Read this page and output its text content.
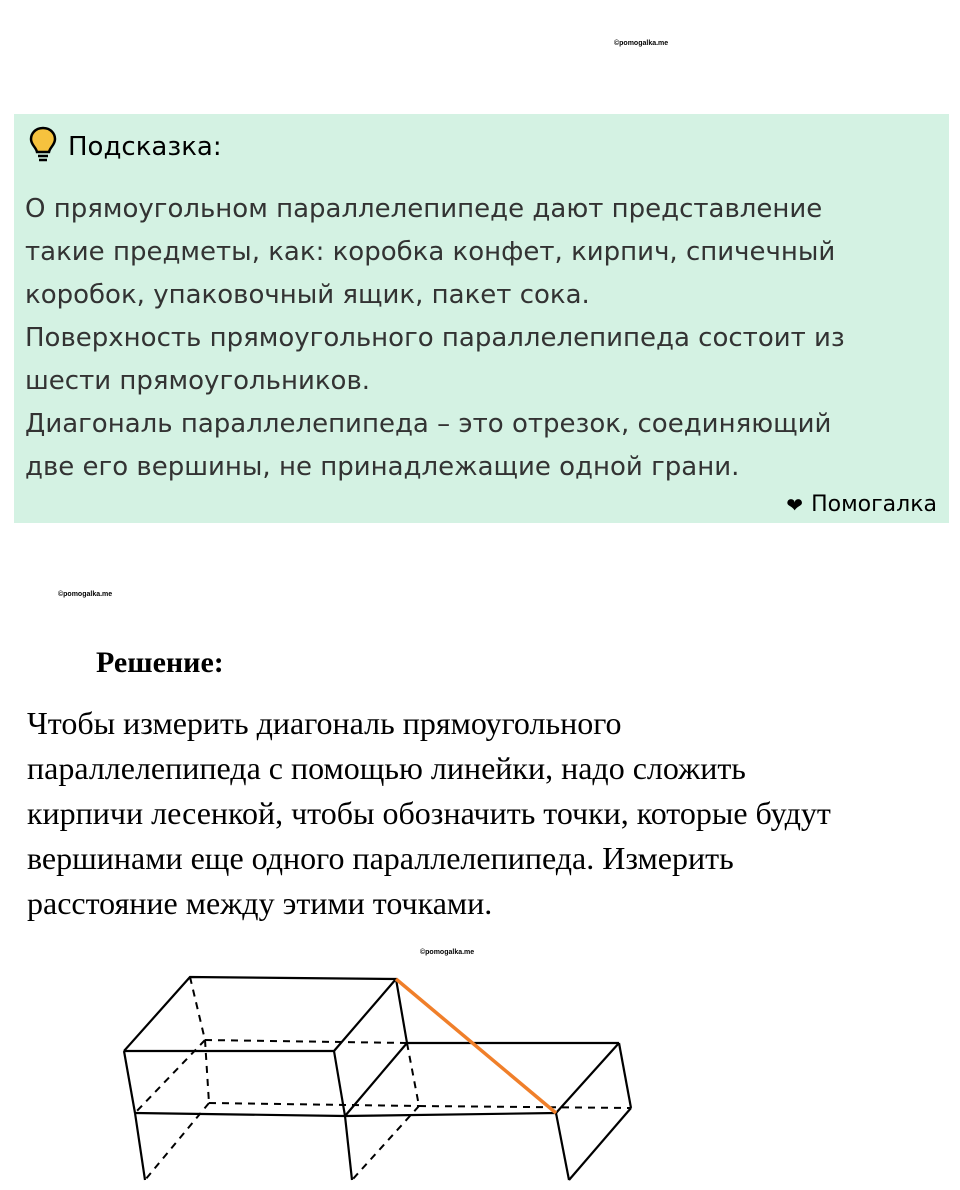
©pomogalka.me
Подсказка:

О прямоугольном параллелепипеде дают представление
такие предметы, как: коробка конфет, кирпич, спичечный
коробок, упаковочный ящик, пакет сока.

Поверхность прямоугольного параллелепипеда состоит из
шести прямоугольников.

Диагональ параллелепипеда – это отрезок, соединяющий
две его вершины, не принадлежащие одной грани.

❤ Помогалка
©pomogalka.me
Решение:
Чтобы измерить диагональ прямоугольного
параллелепипеда с помощью линейки, надо сложить
кирпичи лесенкой, чтобы обозначить точки, которые будут
вершинами еще одного параллелепипеда. Измерить
расстояние между этими точками.
©pomogalka.me
